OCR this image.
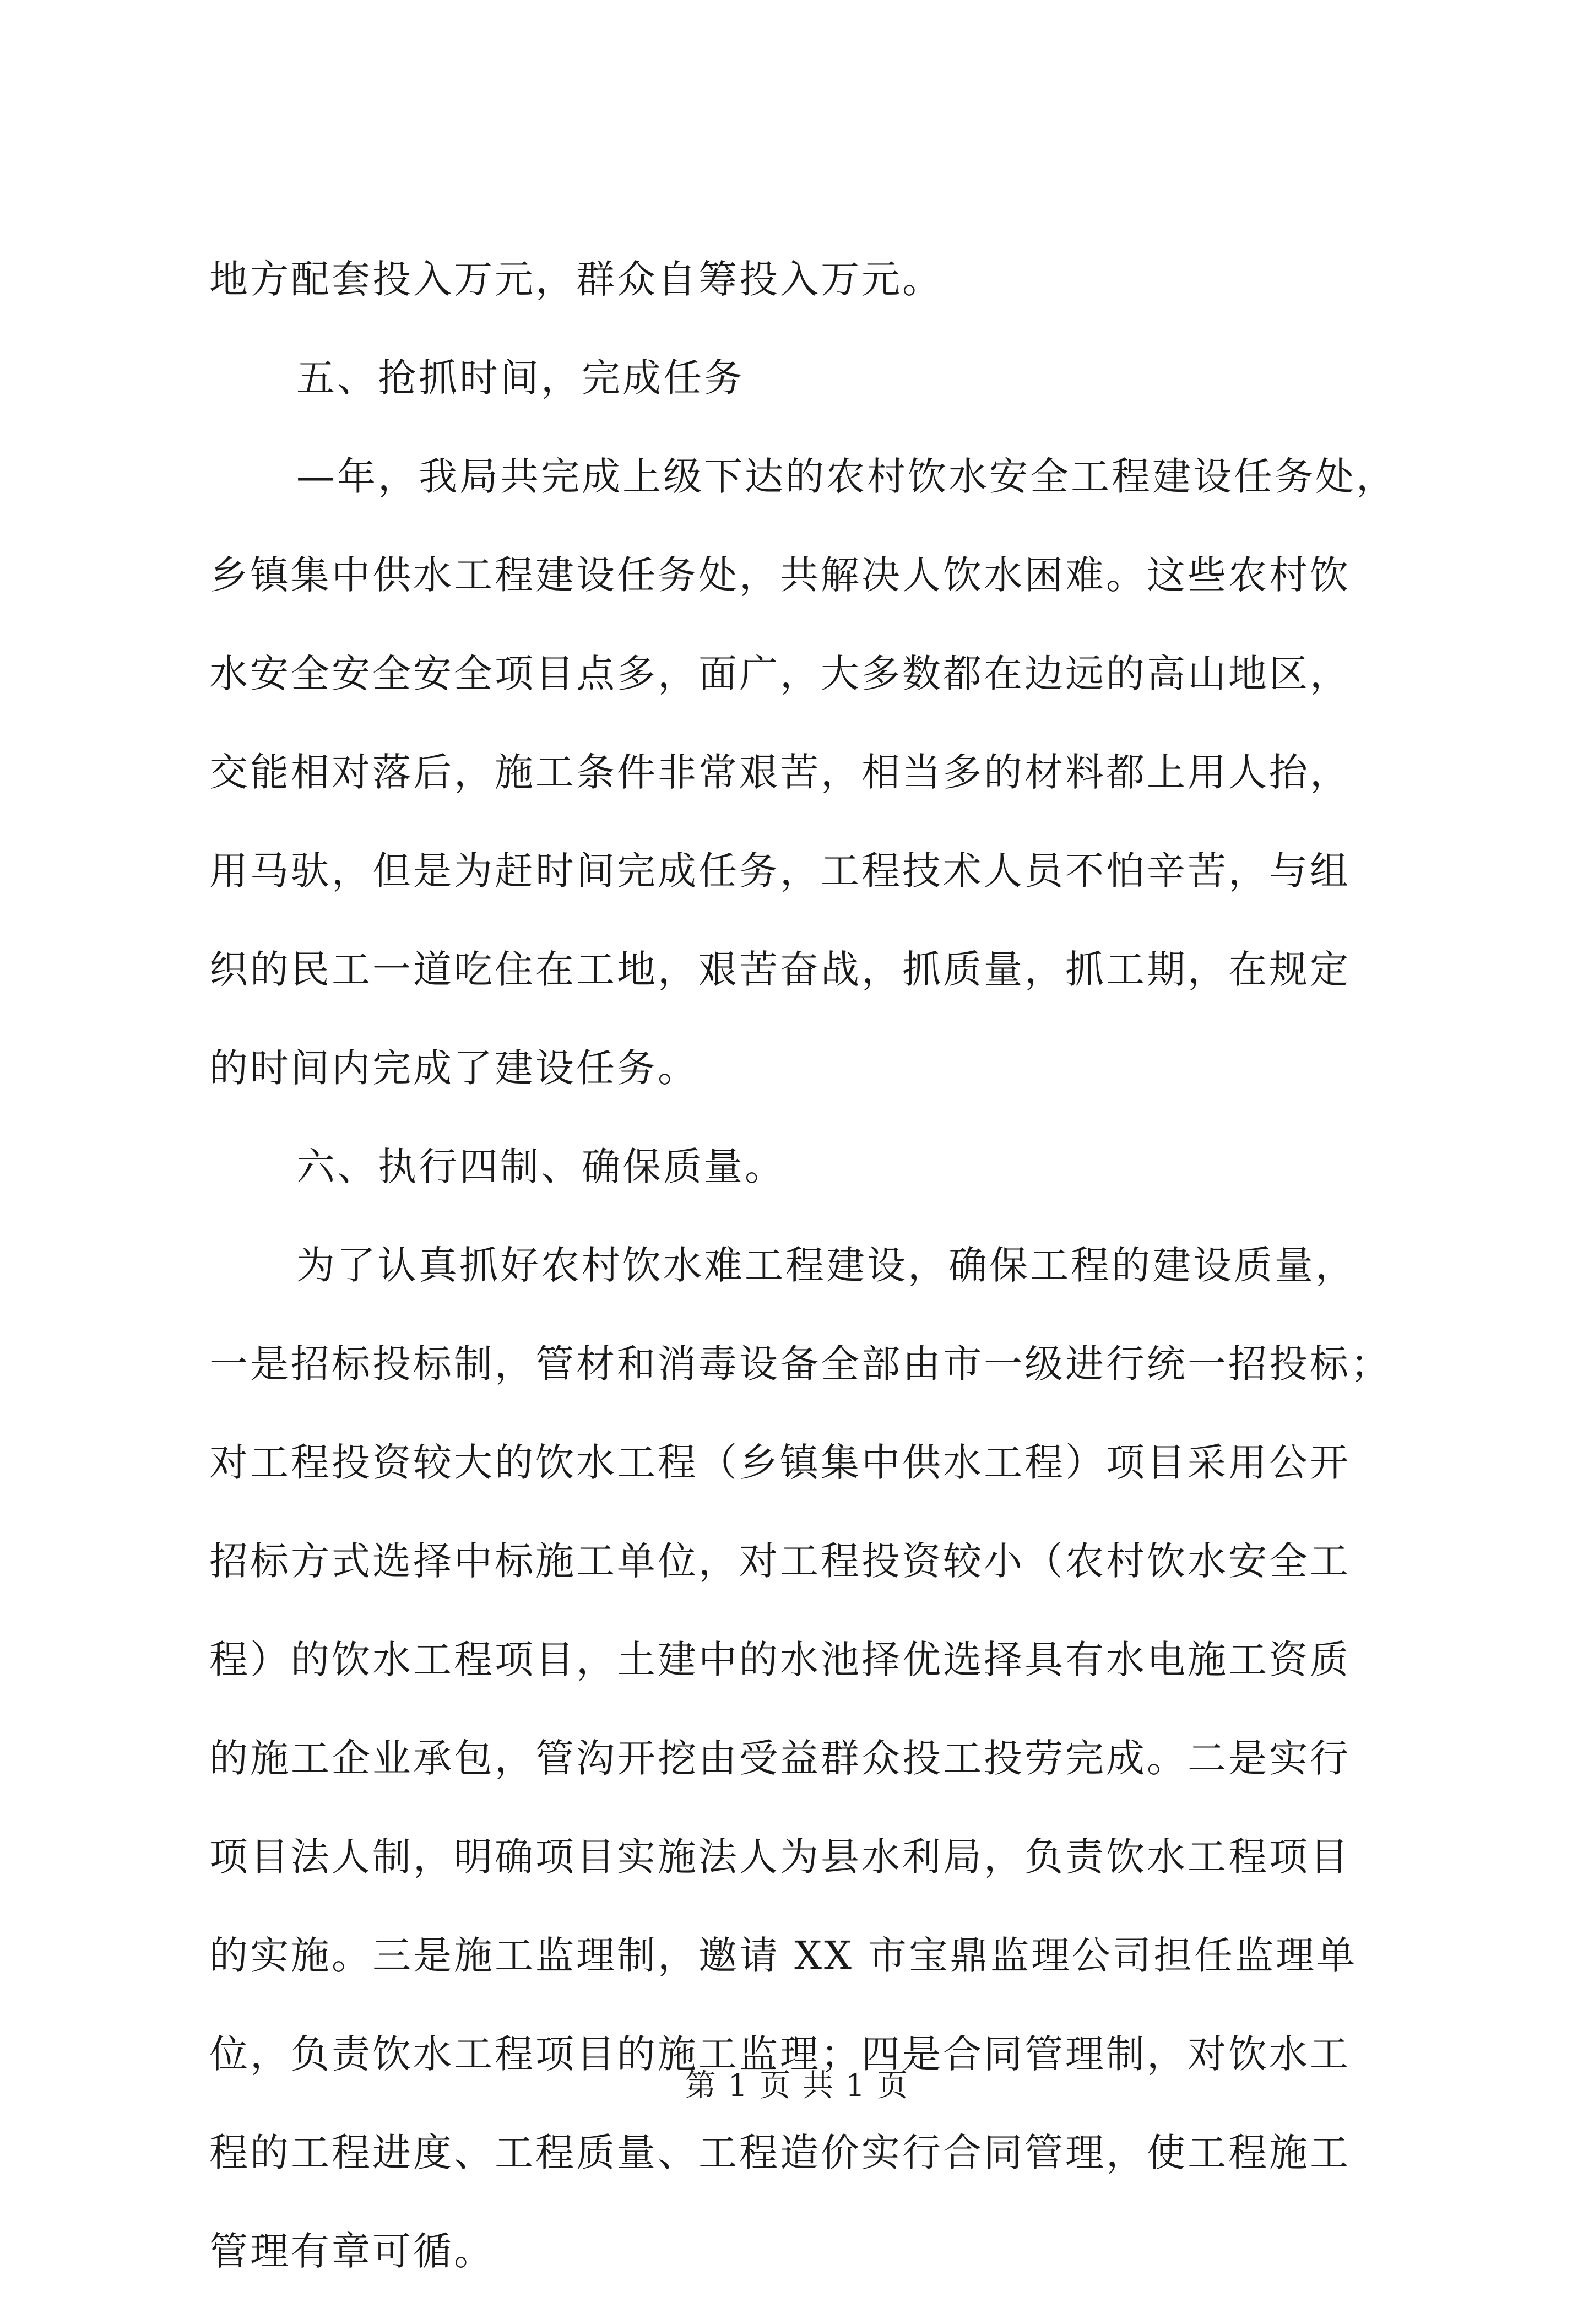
地方配套投入万元，群众自筹投入万元。
五、抢抓时间，完成任务
—年，我局共完成上级下达的农村饮水安全工程建设任务处，
乡镇集中供水工程建设任务处，共解决人饮水困难。这些农村饮
水安全安全安全项目点多，面广，大多数都在边远的高山地区，
交能相对落后，施工条件非常艰苦，相当多的材料都上用人抬，
用马驮，但是为赶时间完成任务，工程技术人员不怕辛苦，与组
织的民工一道吃住在工地，艰苦奋战，抓质量，抓工期，在规定
的时间内完成了建设任务。
六、执行四制、确保质量。
为了认真抓好农村饮水难工程建设，确保工程的建设质量，
一是招标投标制，管材和消毒设备全部由市一级进行统一招投标；
对工程投资较大的饮水工程（乡镇集中供水工程）项目采用公开
招标方式选择中标施工单位，对工程投资较小（农村饮水安全工
程）的饮水工程项目，土建中的水池择优选择具有水电施工资质
的施工企业承包，管沟开挖由受益群众投工投劳完成。二是实行
项目法人制，明确项目实施法人为县水利局，负责饮水工程项目
的实施。三是施工监理制，邀请 XX 市宝鼎监理公司担任监理单
位，负责饮水工程项目的施工监理；四是合同管理制，对饮水工
程的工程进度、工程质量、工程造价实行合同管理，使工程施工
管理有章可循。
第 1 页 共 1 页
